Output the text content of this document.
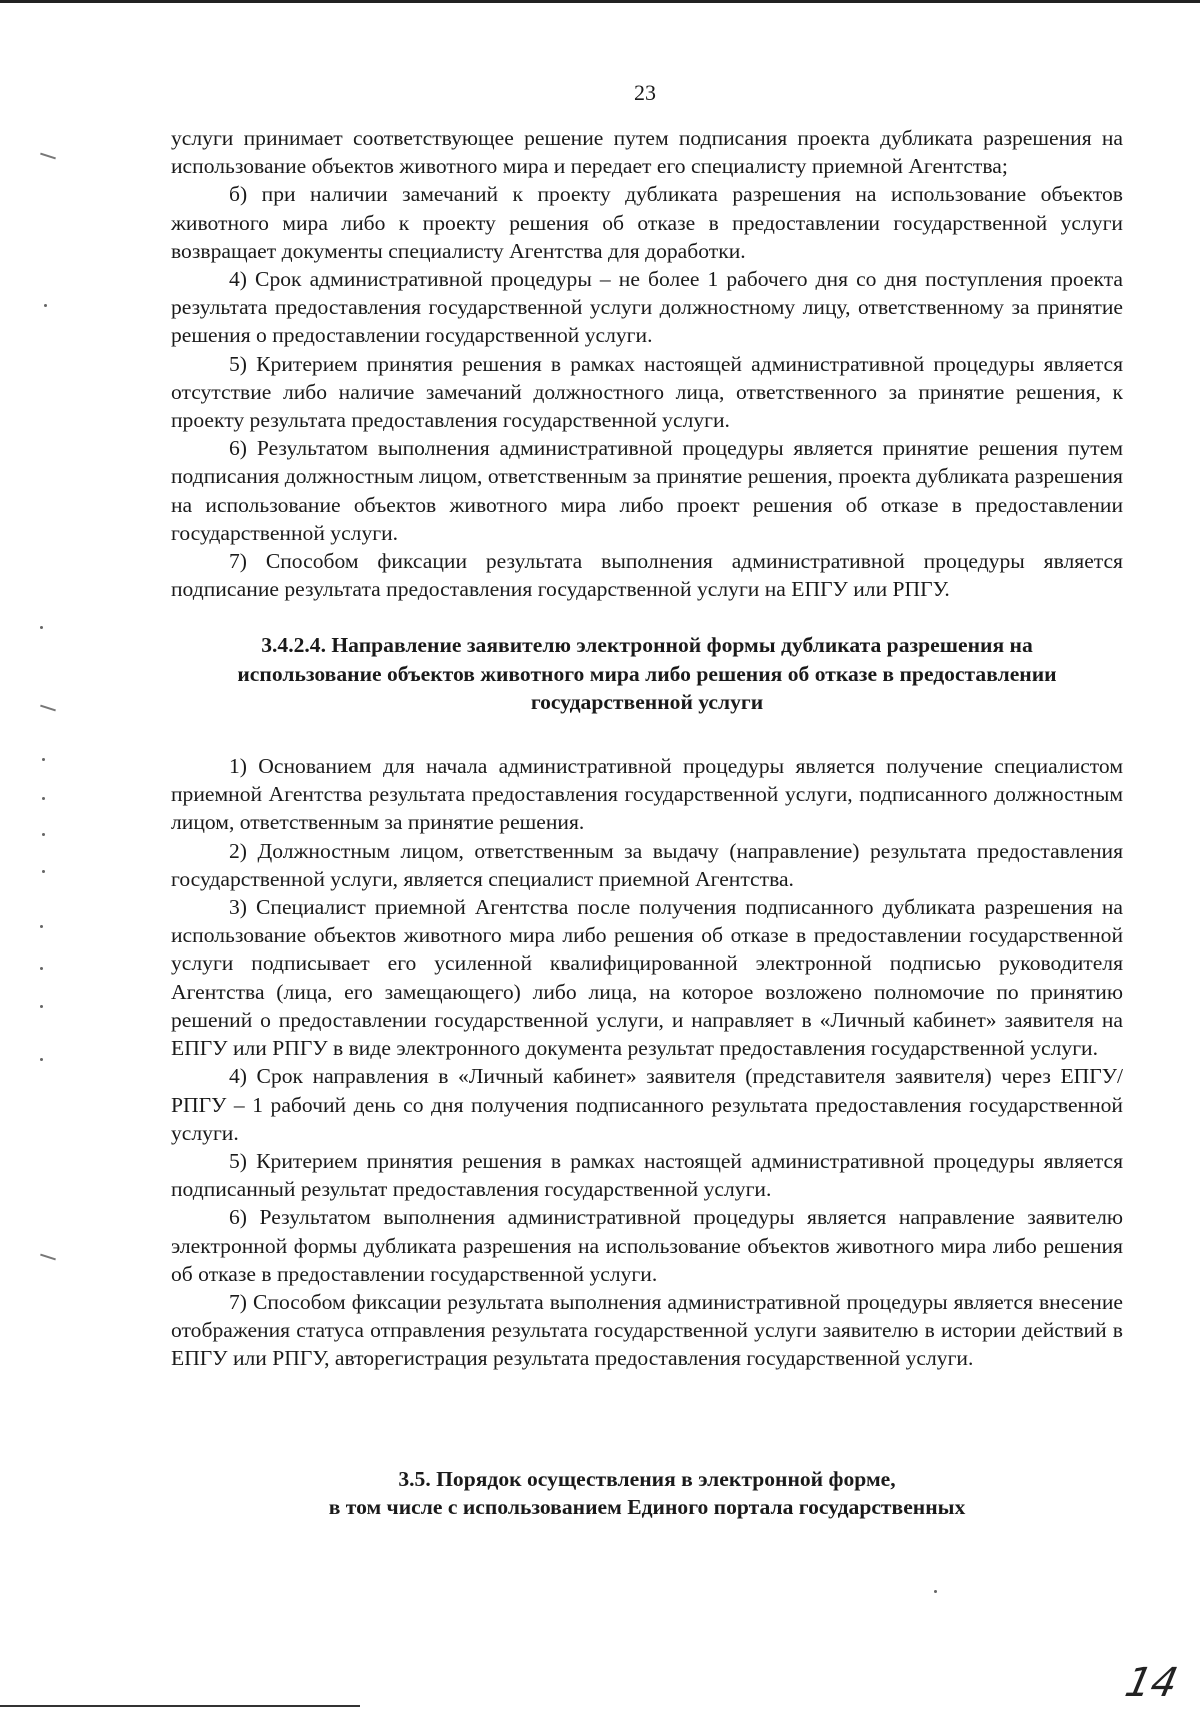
23

услуги принимает соответствующее решение путем подписания проекта дубликата разрешения на использование объектов животного мира и передает его специалисту приемной Агентства;

б) при наличии замечаний к проекту дубликата разрешения на использование объектов животного мира либо к проекту решения об отказе в предоставлении государственной услуги возвращает документы специалисту Агентства для доработки.

4) Срок административной процедуры – не более 1 рабочего дня со дня поступления проекта результата предоставления государственной услуги должностному лицу, ответственному за принятие решения о предоставлении государственной услуги.

5) Критерием принятия решения в рамках настоящей административной процедуры является отсутствие либо наличие замечаний должностного лица, ответственного за принятие решения, к проекту результата предоставления государственной услуги.

6) Результатом выполнения административной процедуры является принятие решения путем подписания должностным лицом, ответственным за принятие решения, проекта дубликата разрешения на использование объектов животного мира либо проект решения об отказе в предоставлении государственной услуги.

7) Способом фиксации результата выполнения административной процедуры является подписание результата предоставления государственной услуги на ЕПГУ или РПГУ.

3.4.2.4. Направление заявителю электронной формы дубликата разрешения на
использование объектов животного мира либо решения об отказе в предоставлении
государственной услуги

1) Основанием для начала административной процедуры является получение специалистом приемной Агентства результата предоставления государственной услуги, подписанного должностным лицом, ответственным за принятие решения.

2) Должностным лицом, ответственным за выдачу (направление) результата предоставления государственной услуги, является специалист приемной Агентства.

3) Специалист приемной Агентства после получения подписанного дубликата разрешения на использование объектов животного мира либо решения об отказе в предоставлении государственной услуги подписывает его усиленной квалифицированной электронной подписью руководителя Агентства (лица, его замещающего) либо лица, на которое возложено полномочие по принятию решений о предоставлении государственной услуги, и направляет в «Личный кабинет» заявителя на ЕПГУ или РПГУ в виде электронного документа результат предоставления государственной услуги.

4) Срок направления в «Личный кабинет» заявителя (представителя заявителя) через ЕПГУ/РПГУ – 1 рабочий день со дня получения подписанного результата предоставления государственной услуги.

5) Критерием принятия решения в рамках настоящей административной процедуры является подписанный результат предоставления государственной услуги.

6) Результатом выполнения административной процедуры является направление заявителю электронной формы дубликата разрешения на использование объектов животного мира либо решения об отказе в предоставлении государственной услуги.

7) Способом фиксации результата выполнения административной процедуры является внесение отображения статуса отправления результата государственной услуги заявителю в истории действий в ЕПГУ или РПГУ, авторегистрация результата предоставления государственной услуги.

3.5. Порядок осуществления в электронной форме,
в том числе с использованием Единого портала государственных
14
